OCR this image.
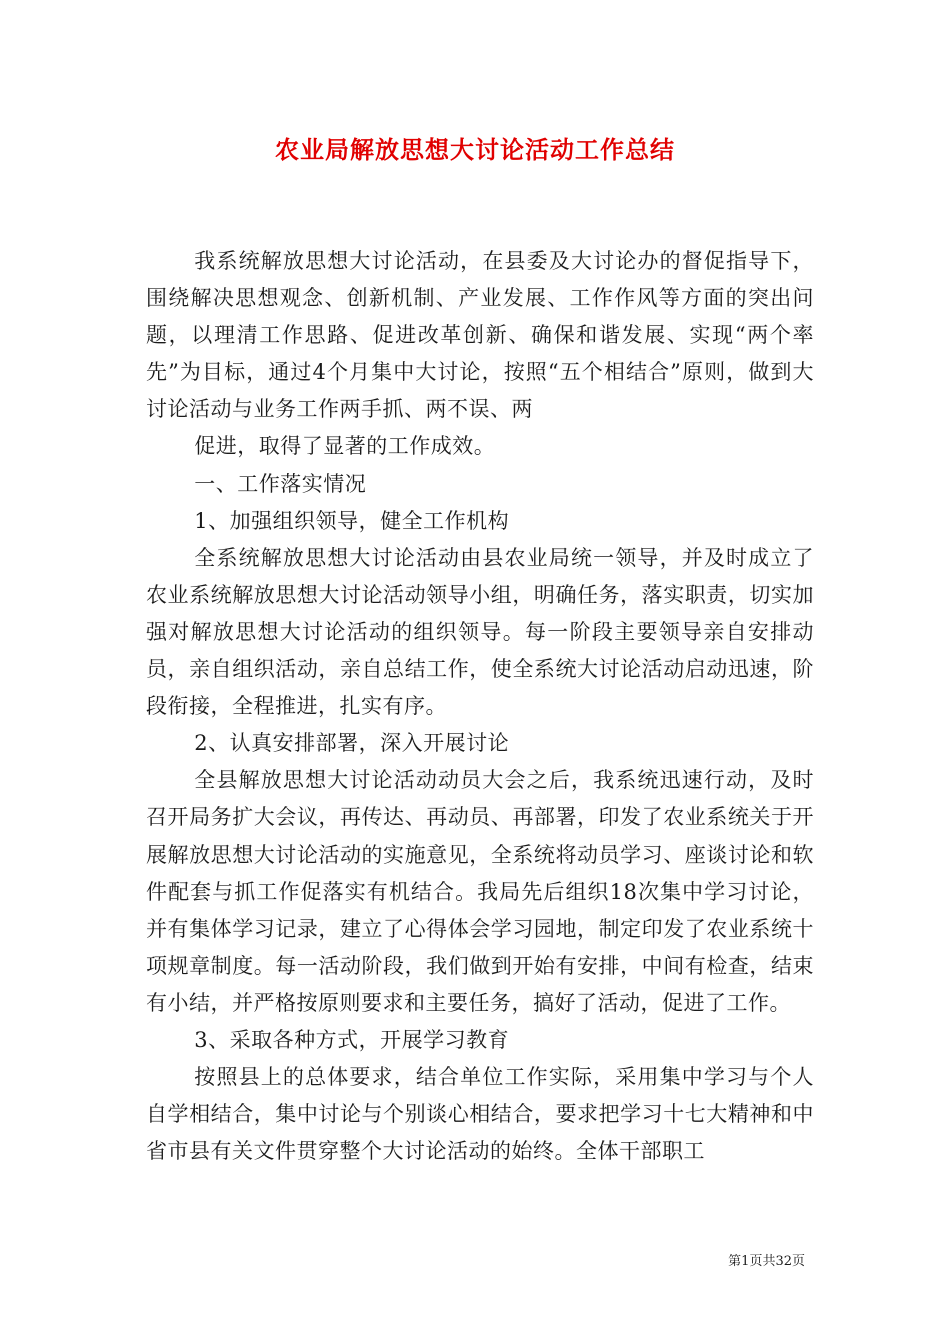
农业局解放思想大讨论活动工作总结

我系统解放思想大讨论活动，在县委及大讨论办的督促指导下，围绕解决思想观念、创新机制、产业发展、工作作风等方面的突出问题，以理清工作思路、促进改革创新、确保和谐发展、实现“两个率先”为目标，通过4个月集中大讨论，按照“五个相结合”原则，做到大讨论活动与业务工作两手抓、两不误、两

促进，取得了显著的工作成效。

一、工作落实情况

1、加强组织领导，健全工作机构

全系统解放思想大讨论活动由县农业局统一领导，并及时成立了农业系统解放思想大讨论活动领导小组，明确任务，落实职责，切实加强对解放思想大讨论活动的组织领导。每一阶段主要领导亲自安排动员，亲自组织活动，亲自总结工作，使全系统大讨论活动启动迅速，阶段衔接，全程推进，扎实有序。

2、认真安排部署，深入开展讨论

全县解放思想大讨论活动动员大会之后，我系统迅速行动，及时召开局务扩大会议，再传达、再动员、再部署，印发了农业系统关于开展解放思想大讨论活动的实施意见，全系统将动员学习、座谈讨论和软件配套与抓工作促落实有机结合。我局先后组织18次集中学习讨论，并有集体学习记录，建立了心得体会学习园地，制定印发了农业系统十项规章制度。每一活动阶段，我们做到开始有安排，中间有检查，结束有小结，并严格按原则要求和主要任务，搞好了活动，促进了工作。

3、采取各种方式，开展学习教育

按照县上的总体要求，结合单位工作实际，采用集中学习与个人自学相结合，集中讨论与个别谈心相结合，要求把学习十七大精神和中省市县有关文件贯穿整个大讨论活动的始终。全体干部职工

第1页共32页
